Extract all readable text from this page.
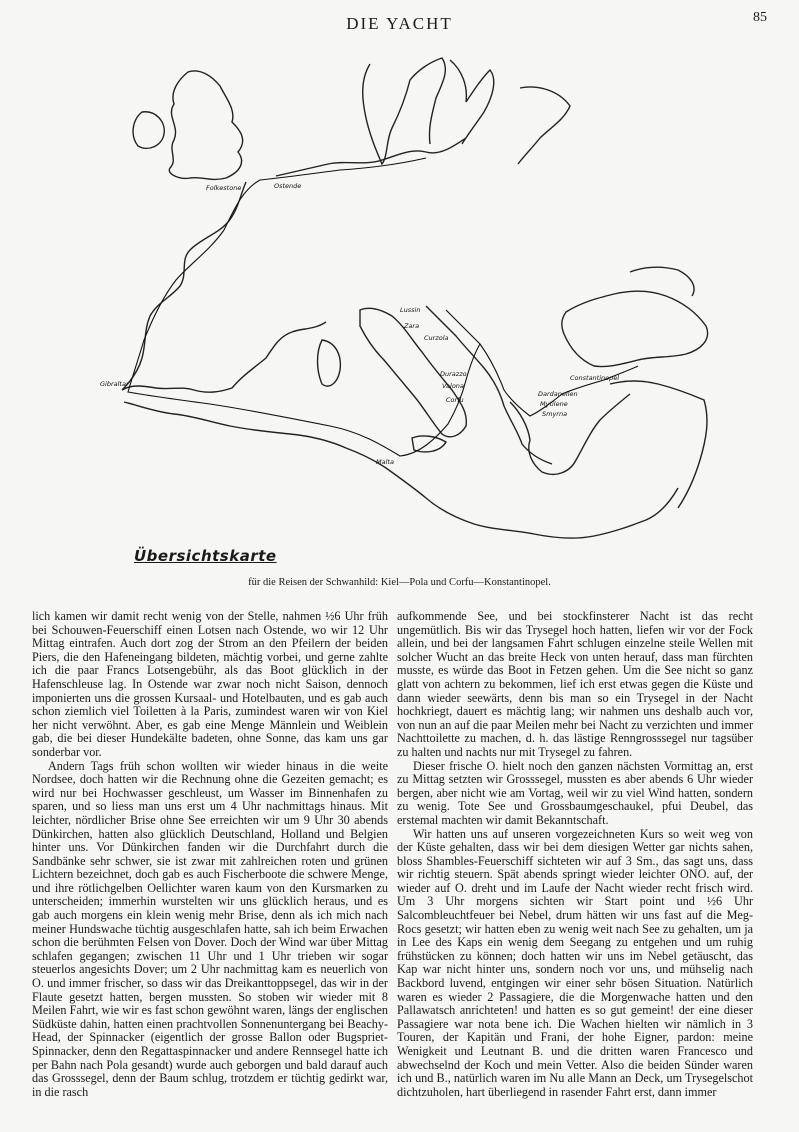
DIE YACHT	85
Folkestone	Ostende
Gibraltar
Malta
Lussin
Zara
Curzola
Durazzo
Valona
Corfu
Constantinopel
Dardanellen
Mytilene
Smyrna
Übersichtskarte
für die Reisen der Schwanhild: Kiel—Pola und Corfu—Konstantinopel.

lich kamen wir damit recht wenig von der Stelle, nahmen ½6 Uhr früh bei Schouwen-Feuerschiff einen Lotsen nach Ostende, wo wir 12 Uhr Mittag eintrafen. Auch dort zog der Strom an den Pfeilern der beiden Piers, die den Hafeneingang bildeten, mächtig vorbei, und gerne zahlte ich die paar Francs Lotsengebühr, als das Boot glücklich in der Hafenschleuse lag. In Ostende war zwar noch nicht Saison, dennoch imponierten uns die grossen Kursaal- und Hotelbauten, und es gab auch schon ziemlich viel Toiletten à la Paris, zumindest waren wir von Kiel her nicht verwöhnt. Aber, es gab eine Menge Männlein und Weiblein gab, die bei dieser Hundekälte badeten, ohne Sonne, das kam uns gar sonderbar vor.

Andern Tags früh schon wollten wir wieder hinaus in die weite Nordsee, doch hatten wir die Rechnung ohne die Gezeiten gemacht; es wird nur bei Hochwasser geschleust, um Wasser im Binnenhafen zu sparen, und so liess man uns erst um 4 Uhr nachmittags hinaus. Mit leichter, nördlicher Brise ohne See erreichten wir um 9 Uhr 30 abends Dünkirchen, hatten also glücklich Deutschland, Holland und Belgien hinter uns. Vor Dünkirchen fanden wir die Durchfahrt durch die Sandbänke sehr schwer, sie ist zwar mit zahlreichen roten und grünen Lichtern bezeichnet, doch gab es auch Fischerboote die schwere Menge, und ihre rötlichgelben Oellichter waren kaum von den Kursmarken zu unterscheiden; immerhin wurstelten wir uns glücklich heraus, und es gab auch morgens ein klein wenig mehr Brise, denn als ich mich nach meiner Hundswache tüchtig ausgeschlafen hatte, sah ich beim Erwachen schon die berühmten Felsen von Dover. Doch der Wind war über Mittag schlafen gegangen; zwischen 11 Uhr und 1 Uhr trieben wir sogar steuerlos angesichts Dover; um 2 Uhr nachmittag kam es neuerlich von O. und immer frischer, so dass wir das Dreikanttoppsegel, das wir in der Flaute gesetzt hatten, bergen mussten. So stoben wir wieder mit 8 Meilen Fahrt, wie wir es fast schon gewöhnt waren, längs der englischen Südküste dahin, hatten einen prachtvollen Sonnenuntergang bei Beachy-Head, der Spinnacker (eigentlich der grosse Ballon oder Bugspriet-Spinnacker, denn den Regattaspinnacker und andere Rennsegel hatte ich per Bahn nach Pola gesandt) wurde auch geborgen und bald darauf auch das Grosssegel, denn der Baum schlug, trotzdem er tüchtig gedirkt war, in die rasch

aufkommende See, und bei stockfinsterer Nacht ist das recht ungemütlich. Bis wir das Trysegel hoch hatten, liefen wir vor der Fock allein, und bei der langsamen Fahrt schlugen einzelne steile Wellen mit solcher Wucht an das breite Heck von unten herauf, dass man fürchten musste, es würde das Boot in Fetzen gehen. Um die See nicht so ganz glatt von achtern zu bekommen, lief ich erst etwas gegen die Küste und dann wieder seewärts, denn bis man so ein Trysegel in der Nacht hochkriegt, dauert es mächtig lang; wir nahmen uns deshalb auch vor, von nun an auf die paar Meilen mehr bei Nacht zu verzichten und immer Nachttoilette zu machen, d. h. das lästige Renngrosssegel nur tagsüber zu halten und nachts nur mit Trysegel zu fahren.

Dieser frische O. hielt noch den ganzen nächsten Vormittag an, erst zu Mittag setzten wir Grosssegel, mussten es aber abends 6 Uhr wieder bergen, aber nicht wie am Vortag, weil wir zu viel Wind hatten, sondern zu wenig. Tote See und Grossbaumgeschaukel, pfui Deubel, das erstemal machten wir damit Bekanntschaft.

Wir hatten uns auf unseren vorgezeichneten Kurs so weit weg von der Küste gehalten, dass wir bei dem diesigen Wetter gar nichts sahen, bloss Shambles-Feuerschiff sichteten wir auf 3 Sm., das sagt uns, dass wir richtig steuern. Spät abends springt wieder leichter ONO. auf, der wieder auf O. dreht und im Laufe der Nacht wieder recht frisch wird. Um 3 Uhr morgens sichten wir Start point und ½6 Uhr Salcombleuchtfeuer bei Nebel, drum hätten wir uns fast auf die Meg-Rocs gesetzt; wir hatten eben zu wenig weit nach See zu gehalten, um ja in Lee des Kaps ein wenig dem Seegang zu entgehen und um ruhig frühstücken zu können; doch hatten wir uns im Nebel getäuscht, das Kap war nicht hinter uns, sondern noch vor uns, und mühselig nach Backbord luvend, entgingen wir einer sehr bösen Situation. Natürlich waren es wieder 2 Passagiere, die die Morgenwache hatten und den Pallawatsch anrichteten! und hatten es so gut gemeint! der eine dieser Passagiere war nota bene ich. Die Wachen hielten wir nämlich in 3 Touren, der Kapitän und Frani, der hohe Eigner, pardon: meine Wenigkeit und Leutnant B. und die dritten waren Francesco und abwechselnd der Koch und mein Vetter. Also die beiden Sünder waren ich und B., natürlich waren im Nu alle Mann an Deck, um Trysegelschot dichtzuholen, hart überliegend in rasender Fahrt erst, dann immer
